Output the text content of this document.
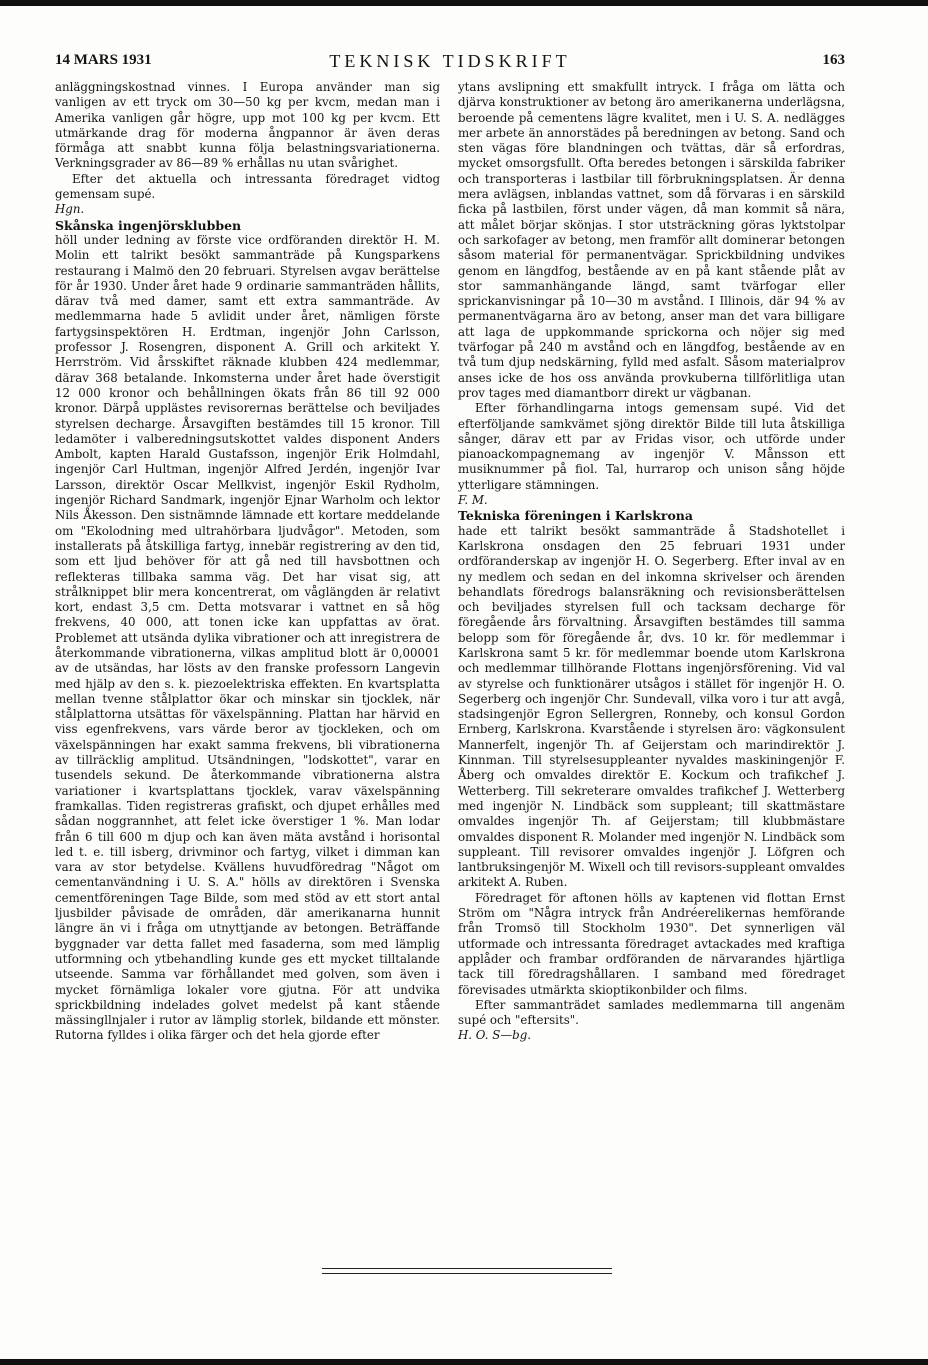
14 MARS 1931	TEKNISK TIDSKRIFT	163

anläggningskostnad vinnes. I Europa använder man sig vanligen av ett tryck om 30—50 kg per kvcm, medan man i Amerika vanligen går högre, upp mot 100 kg per kvcm. Ett utmärkande drag för moderna ångpannor är även deras förmåga att snabbt kunna följa belastningsvariationerna. Verkningsgrader av 86—89 % erhållas nu utan svårighet.

Efter det aktuella och intressanta föredraget vidtog gemensam supé.

Hgn.

Skånska ingenjörsklubben

höll under ledning av förste vice ordföranden direktör H. M. Molin ett talrikt besökt sammanträde på Kungsparkens restaurang i Malmö den 20 februari. Styrelsen avgav berättelse för år 1930. Under året hade 9 ordinarie sammanträden hållits, därav två med damer, samt ett extra sammanträde. Av medlemmarna hade 5 avlidit under året, nämligen förste fartygsinspektören H. Erdtman, ingenjör John Carlsson, professor J. Rosengren, disponent A. Grill och arkitekt Y. Herrström. Vid årsskiftet räknade klubben 424 medlemmar, därav 368 betalande. Inkomsterna under året hade överstigit 12 000 kronor och behållningen ökats från 86 till 92 000 kronor. Därpå upplästes revisorernas berättelse och beviljades styrelsen decharge. Årsavgiften bestämdes till 15 kronor. Till ledamöter i valberedningsutskottet valdes disponent Anders Ambolt, kapten Harald Gustafsson, ingenjör Erik Holmdahl, ingenjör Carl Hultman, ingenjör Alfred Jerdén, ingenjör Ivar Larsson, direktör Oscar Mellkvist, ingenjör Eskil Rydholm, ingenjör Richard Sandmark, ingenjör Ejnar Warholm och lektor Nils Åkesson. Den sistnämnde lämnade ett kortare meddelande om "Ekolodning med ultrahörbara ljudvågor". Metoden, som installerats på åtskilliga fartyg, innebär registrering av den tid, som ett ljud behöver för att gå ned till havsbottnen och reflekteras tillbaka samma väg. Det har visat sig, att strålknippet blir mera koncentrerat, om våglängden är relativt kort, endast 3,5 cm. Detta motsvarar i vattnet en så hög frekvens, 40 000, att tonen icke kan uppfattas av örat. Problemet att utsända dylika vibrationer och att inregistrera de återkommande vibrationerna, vilkas amplitud blott är 0,00001 av de utsändas, har lösts av den franske professorn Langevin med hjälp av den s. k. piezoelektriska effekten. En kvartsplatta mellan tvenne stålplattor ökar och minskar sin tjocklek, när stålplattorna utsättas för växelspänning. Plattan har härvid en viss egenfrekvens, vars värde beror av tjockleken, och om växelspänningen har exakt samma frekvens, bli vibrationerna av tillräcklig amplitud. Utsändningen, "lodskottet", varar en tusendels sekund. De återkommande vibrationerna alstra variationer i kvartsplattans tjocklek, varav växelspänning framkallas. Tiden registreras grafiskt, och djupet erhålles med sådan noggrannhet, att felet icke överstiger 1 %. Man lodar från 6 till 600 m djup och kan även mäta avstånd i horisontal led t. e. till isberg, drivminor och fartyg, vilket i dimman kan vara av stor betydelse. Kvällens huvudföredrag "Något om cementanvändning i U. S. A." hölls av direktören i Svenska cementföreningen Tage Bilde, som med stöd av ett stort antal ljusbilder påvisade de områden, där amerikanarna hunnit längre än vi i fråga om utnyttjande av betongen. Beträffande byggnader var detta fallet med fasaderna, som med lämplig utformning och ytbehandling kunde ges ett mycket tilltalande utseende. Samma var förhållandet med golven, som även i mycket förnämliga lokaler vore gjutna. För att undvika sprickbildning indelades golvet medelst på kant stående mässingllnjaler i rutor av lämplig storlek, bildande ett mönster. Rutorna fylldes i olika färger och det hela gjorde efter

ytans avslipning ett smakfullt intryck. I fråga om lätta och djärva konstruktioner av betong äro amerikanerna underlägsna, beroende på cementens lägre kvalitet, men i U. S. A. nedlägges mer arbete än annorstädes på beredningen av betong. Sand och sten vägas före blandningen och tvättas, där så erfordras, mycket omsorgsfullt. Ofta beredes betongen i särskilda fabriker och transporteras i lastbilar till förbrukningsplatsen. Är denna mera avlägsen, inblandas vattnet, som då förvaras i en särskild ficka på lastbilen, först under vägen, då man kommit så nära, att målet börjar skönjas. I stor utsträckning göras lyktstolpar och sarkofager av betong, men framför allt dominerar betongen såsom material för permanentvägar. Sprickbildning undvikes genom en längdfog, bestående av en på kant stående plåt av stor sammanhängande längd, samt tvärfogar eller sprickanvisningar på 10—30 m avstånd. I Illinois, där 94 % av permanentvägarna äro av betong, anser man det vara billigare att laga de uppkommande sprickorna och nöjer sig med tvärfogar på 240 m avstånd och en längdfog, bestående av en två tum djup nedskärning, fylld med asfalt. Såsom materialprov anses icke de hos oss använda provkuberna tillförlitliga utan prov tages med diamantborr direkt ur vägbanan.

Efter förhandlingarna intogs gemensam supé. Vid det efterföljande samkvämet sjöng direktör Bilde till luta åtskilliga sånger, därav ett par av Fridas visor, och utförde under pianoackompagnemang av ingenjör V. Månsson ett musiknummer på fiol. Tal, hurrarop och unison sång höjde ytterligare stämningen.

F. M.

Tekniska föreningen i Karlskrona

hade ett talrikt besökt sammanträde å Stadshotellet i Karlskrona onsdagen den 25 februari 1931 under ordföranderskap av ingenjör H. O. Segerberg. Efter inval av en ny medlem och sedan en del inkomna skrivelser och ärenden behandlats föredrogs balansräkning och revisionsberättelsen och beviljades styrelsen full och tacksam decharge för föregående års förvaltning. Årsavgiften bestämdes till samma belopp som för föregående år, dvs. 10 kr. för medlemmar i Karlskrona samt 5 kr. för medlemmar boende utom Karlskrona och medlemmar tillhörande Flottans ingenjörsförening. Vid val av styrelse och funktionärer utsågos i stället för ingenjör H. O. Segerberg och ingenjör Chr. Sundevall, vilka voro i tur att avgå, stadsingenjör Egron Sellergren, Ronneby, och konsul Gordon Ernberg, Karlskrona. Kvarstående i styrelsen äro: vägkonsulent Mannerfelt, ingenjör Th. af Geijerstam och marindirektör J. Kinnman. Till styrelsesuppleanter nyvaldes maskiningenjör F. Åberg och omvaldes direktör E. Kockum och trafikchef J. Wetterberg. Till sekreterare omvaldes trafikchef J. Wetterberg med ingenjör N. Lindbäck som suppleant; till skattmästare omvaldes ingenjör Th. af Geijerstam; till klubbmästare omvaldes disponent R. Molander med ingenjör N. Lindbäck som suppleant. Till revisorer omvaldes ingenjör J. Löfgren och lantbruksingenjör M. Wixell och till revisors-suppleant omvaldes arkitekt A. Ruben.

Föredraget för aftonen hölls av kaptenen vid flottan Ernst Ström om "Några intryck från Andréerelikernas hemförande från Tromsö till Stockholm 1930". Det synnerligen väl utformade och intressanta föredraget avtackades med kraftiga applåder och frambar ordföranden de närvarandes hjärtliga tack till föredragshållaren. I samband med föredraget förevisades utmärkta skioptikonbilder och films.

Efter sammanträdet samlades medlemmarna till angenäm supé och "eftersits".

H. O. S—bg.
